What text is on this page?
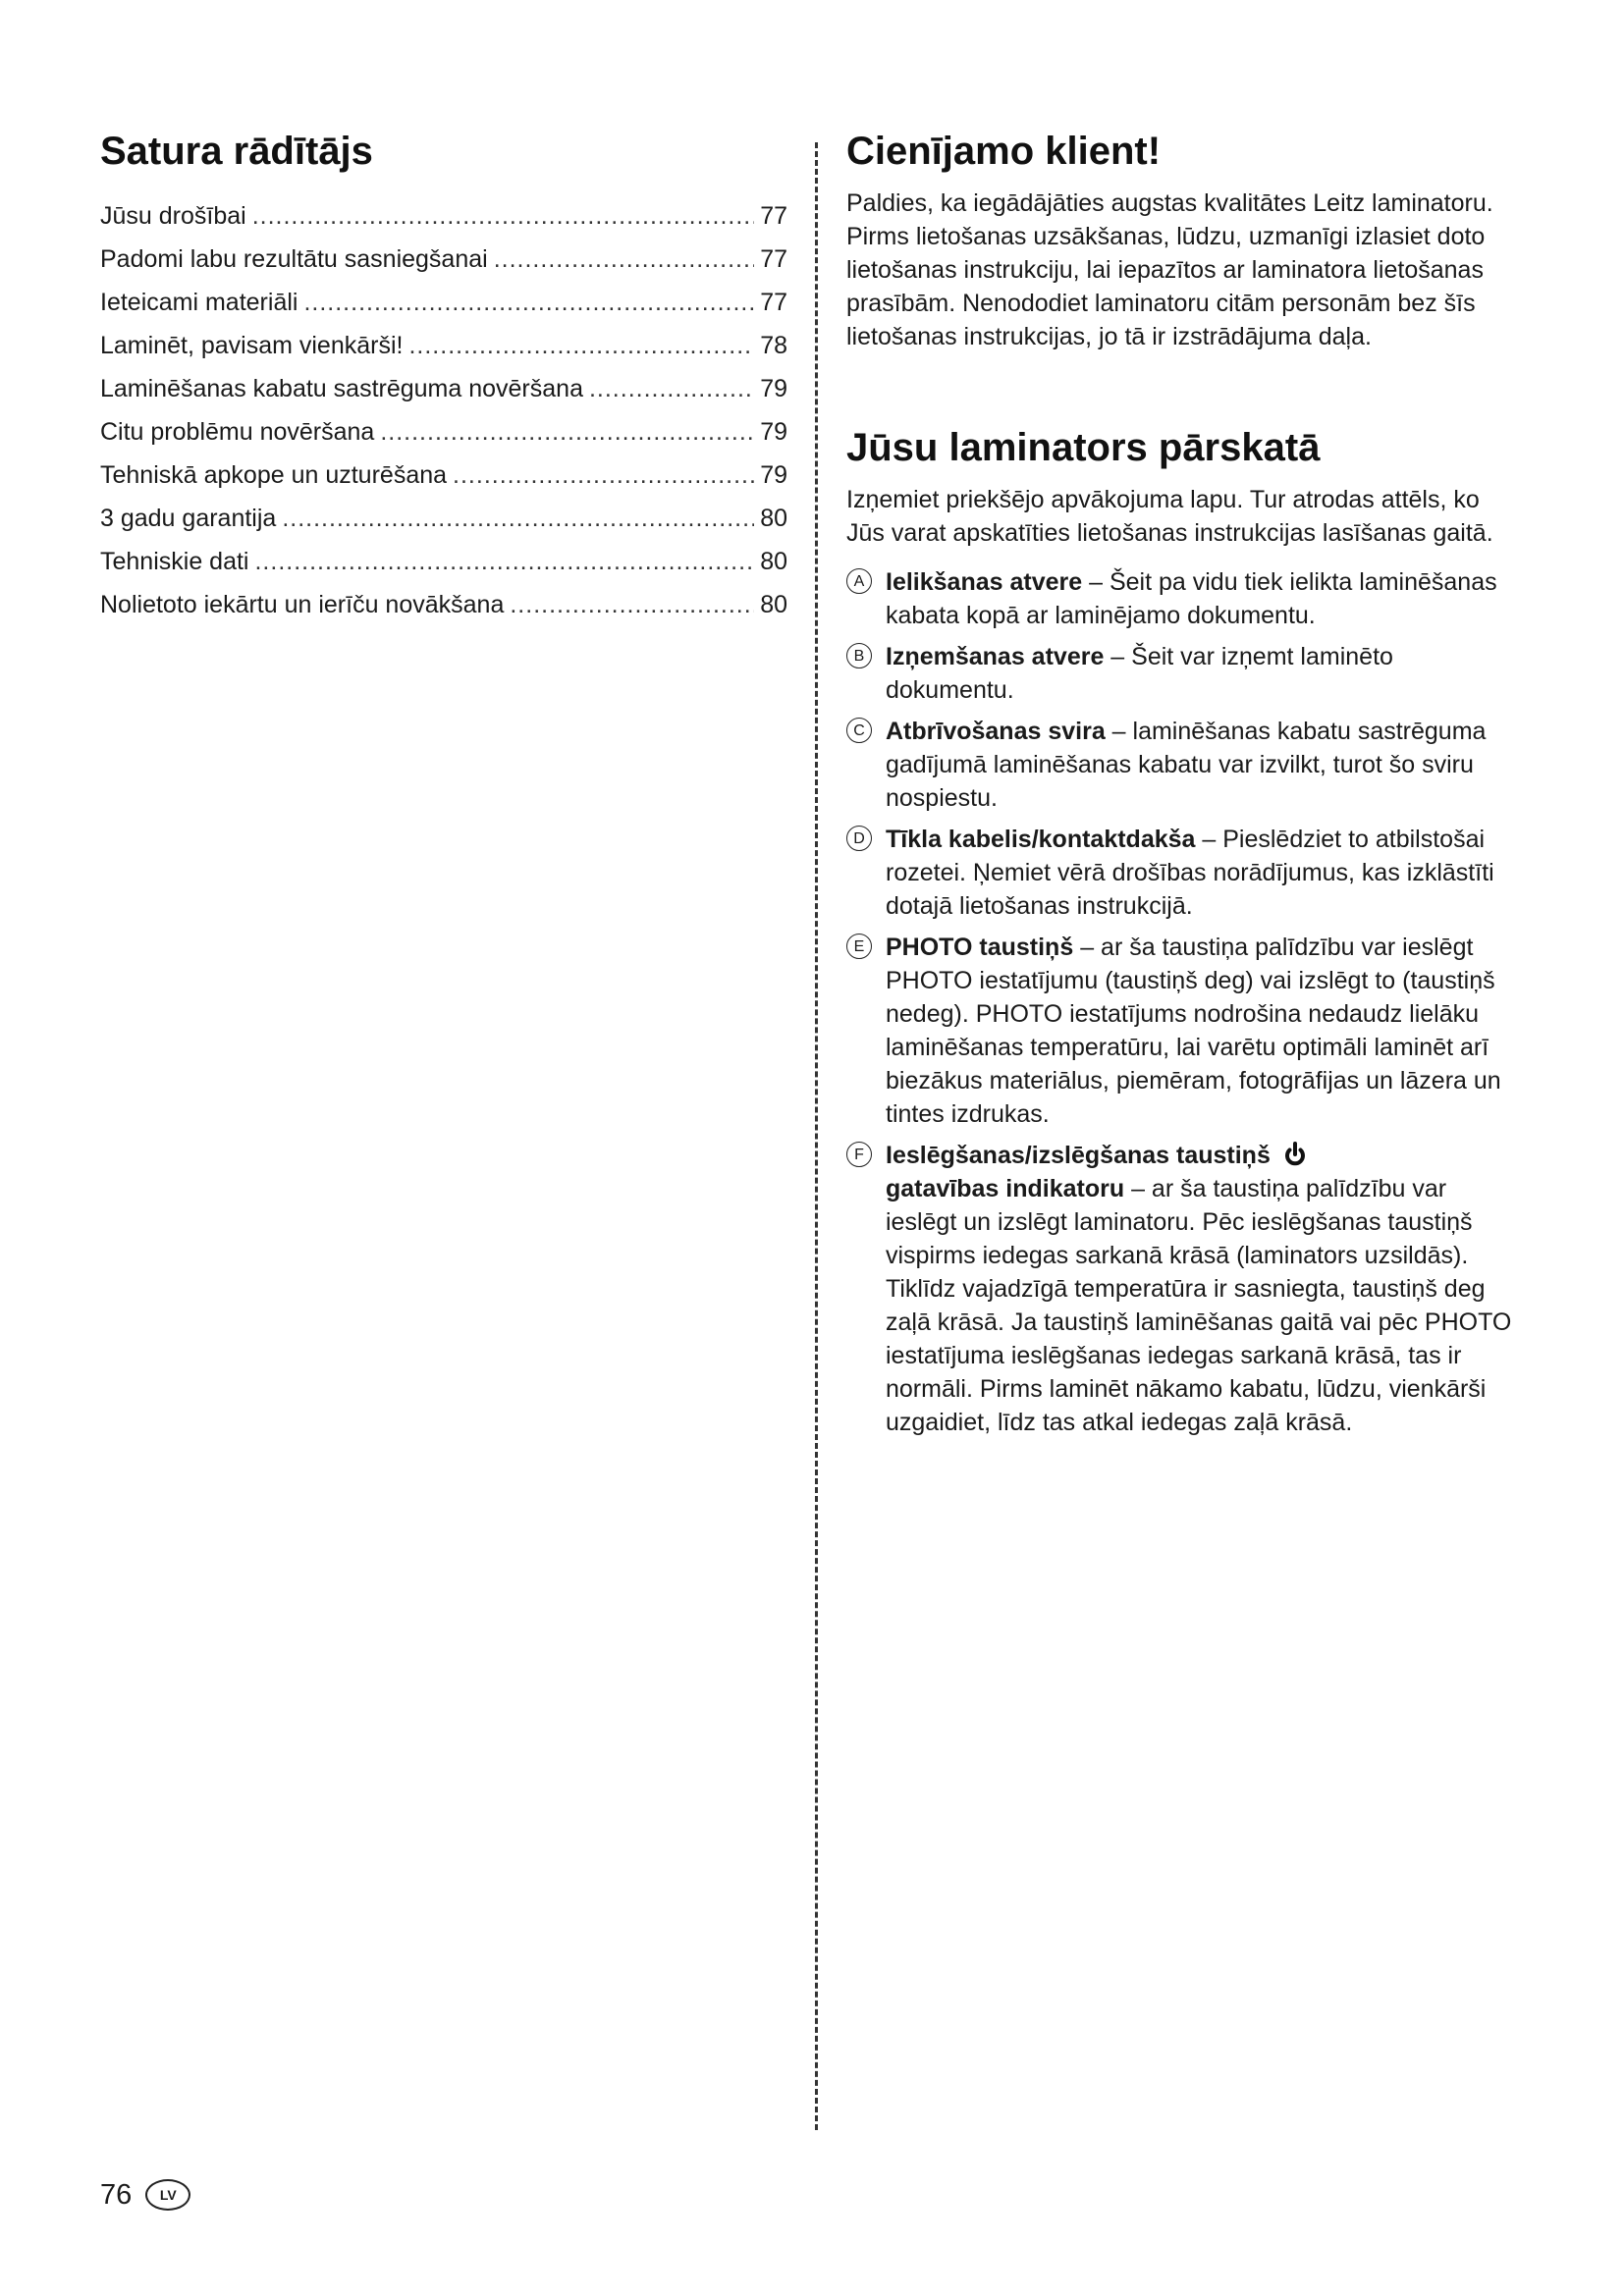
Satura rādītājs
Jūsu drošībai .....	77
Padomi labu rezultātu sasniegšanai .....	77
Ieteicami materiāli .....	77
Laminēt, pavisam vienkārši! .....	78
Laminēšanas kabatu sastrēguma novēršana .....	79
Citu problēmu novēršana .....	79
Tehniskā apkope un uzturēšana .....	79
3 gadu garantija .....	80
Tehniskie dati .....	80
Nolietoto iekārtu un ierīču novākšana .....	80
Cienījamo klient!

Paldies, ka iegādājāties augstas kvalitātes Leitz laminatoru. Pirms lietošanas uzsākšanas, lūdzu, uzmanīgi izlasiet doto lietošanas instrukciju, lai iepazītos ar laminatora lietošanas prasībām. Nenododiet laminatoru citām personām bez šīs lietošanas instrukcijas, jo tā ir izstrādājuma daļa.

Jūsu laminators pārskatā

Izņemiet priekšējo apvākojuma lapu. Tur atrodas attēls, ko Jūs varat apskatīties lietošanas instrukcijas lasīšanas gaitā.

A Ielikšanas atvere – Šeit pa vidu tiek ielikta laminēšanas kabata kopā ar laminējamo dokumentu.
B Izņemšanas atvere – Šeit var izņemt laminēto dokumentu.
C Atbrīvošanas svira – laminēšanas kabatu sastrēguma gadījumā laminēšanas kabatu var izvilkt, turot šo sviru nospiestu.
D Tīkla kabelis/kontaktdakša – Pieslēdziet to atbilstošai rozetei. Ņemiet vērā drošības norādījumus, kas izklāstīti dotajā lietošanas instrukcijā.
E PHOTO taustiņš – ar ša taustiņa palīdzību var ieslēgt PHOTO iestatījumu (taustiņš deg) vai izslēgt to (taustiņš nedeg). PHOTO iestatījums nodrošina nedaudz lielāku laminēšanas temperatūru, lai varētu optimāli laminēt arī biezākus materiālus, piemēram, fotogrāfijas un lāzera un tintes izdrukas.
F Ieslēgšanas/izslēgšanas taustiņš
gatavības indikatoru – ar ša taustiņa palīdzību var ieslēgt un izslēgt laminatoru. Pēc ieslēgšanas taustiņš vispirms iedegas sarkanā krāsā (laminators uzsildās). Tiklīdz vajadzīgā temperatūra ir sasniegta, taustiņš deg zaļā krāsā. Ja taustiņš laminēšanas gaitā vai pēc PHOTO iestatījuma ieslēgšanas iedegas sarkanā krāsā, tas ir normāli. Pirms laminēt nākamo kabatu, lūdzu, vienkārši uzgaidiet, līdz tas atkal iedegas zaļā krāsā.
76	LV
